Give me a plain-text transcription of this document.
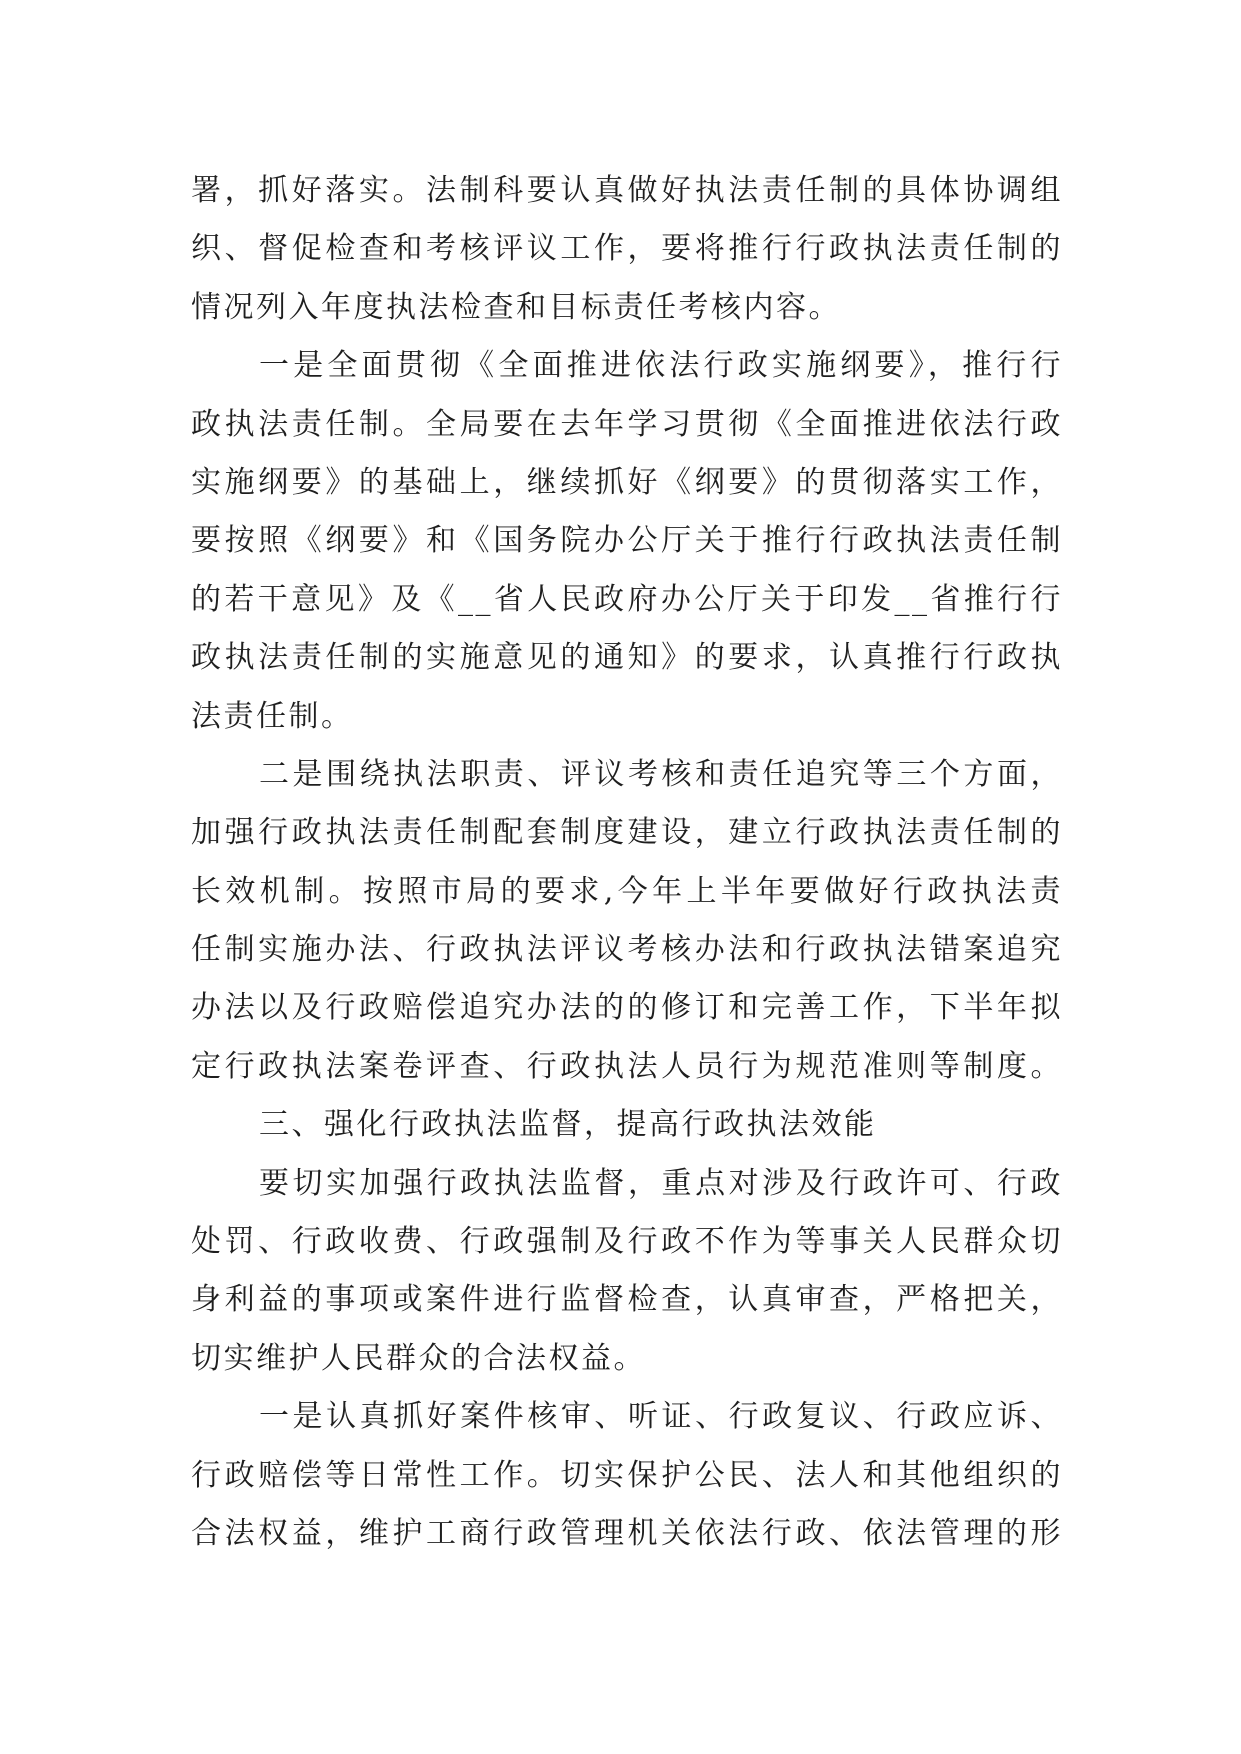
署，抓好落实。法制科要认真做好执法责任制的具体协调组
织、督促检查和考核评议工作，要将推行行政执法责任制的
情况列入年度执法检查和目标责任考核内容。
一是全面贯彻《全面推进依法行政实施纲要》，推行行
政执法责任制。全局要在去年学习贯彻《全面推进依法行政
实施纲要》的基础上，继续抓好《纲要》的贯彻落实工作，
要按照《纲要》和《国务院办公厅关于推行行政执法责任制
的若干意见》及《__省人民政府办公厅关于印发__省推行行
政执法责任制的实施意见的通知》的要求，认真推行行政执
法责任制。
二是围绕执法职责、评议考核和责任追究等三个方面，
加强行政执法责任制配套制度建设，建立行政执法责任制的
长效机制。按照市局的要求,今年上半年要做好行政执法责
任制实施办法、行政执法评议考核办法和行政执法错案追究
办法以及行政赔偿追究办法的的修订和完善工作，下半年拟
定行政执法案卷评查、行政执法人员行为规范准则等制度。
三、强化行政执法监督，提高行政执法效能
要切实加强行政执法监督，重点对涉及行政许可、行政
处罚、行政收费、行政强制及行政不作为等事关人民群众切
身利益的事项或案件进行监督检查，认真审查，严格把关，
切实维护人民群众的合法权益。
一是认真抓好案件核审、听证、行政复议、行政应诉、
行政赔偿等日常性工作。切实保护公民、法人和其他组织的
合法权益，维护工商行政管理机关依法行政、依法管理的形
